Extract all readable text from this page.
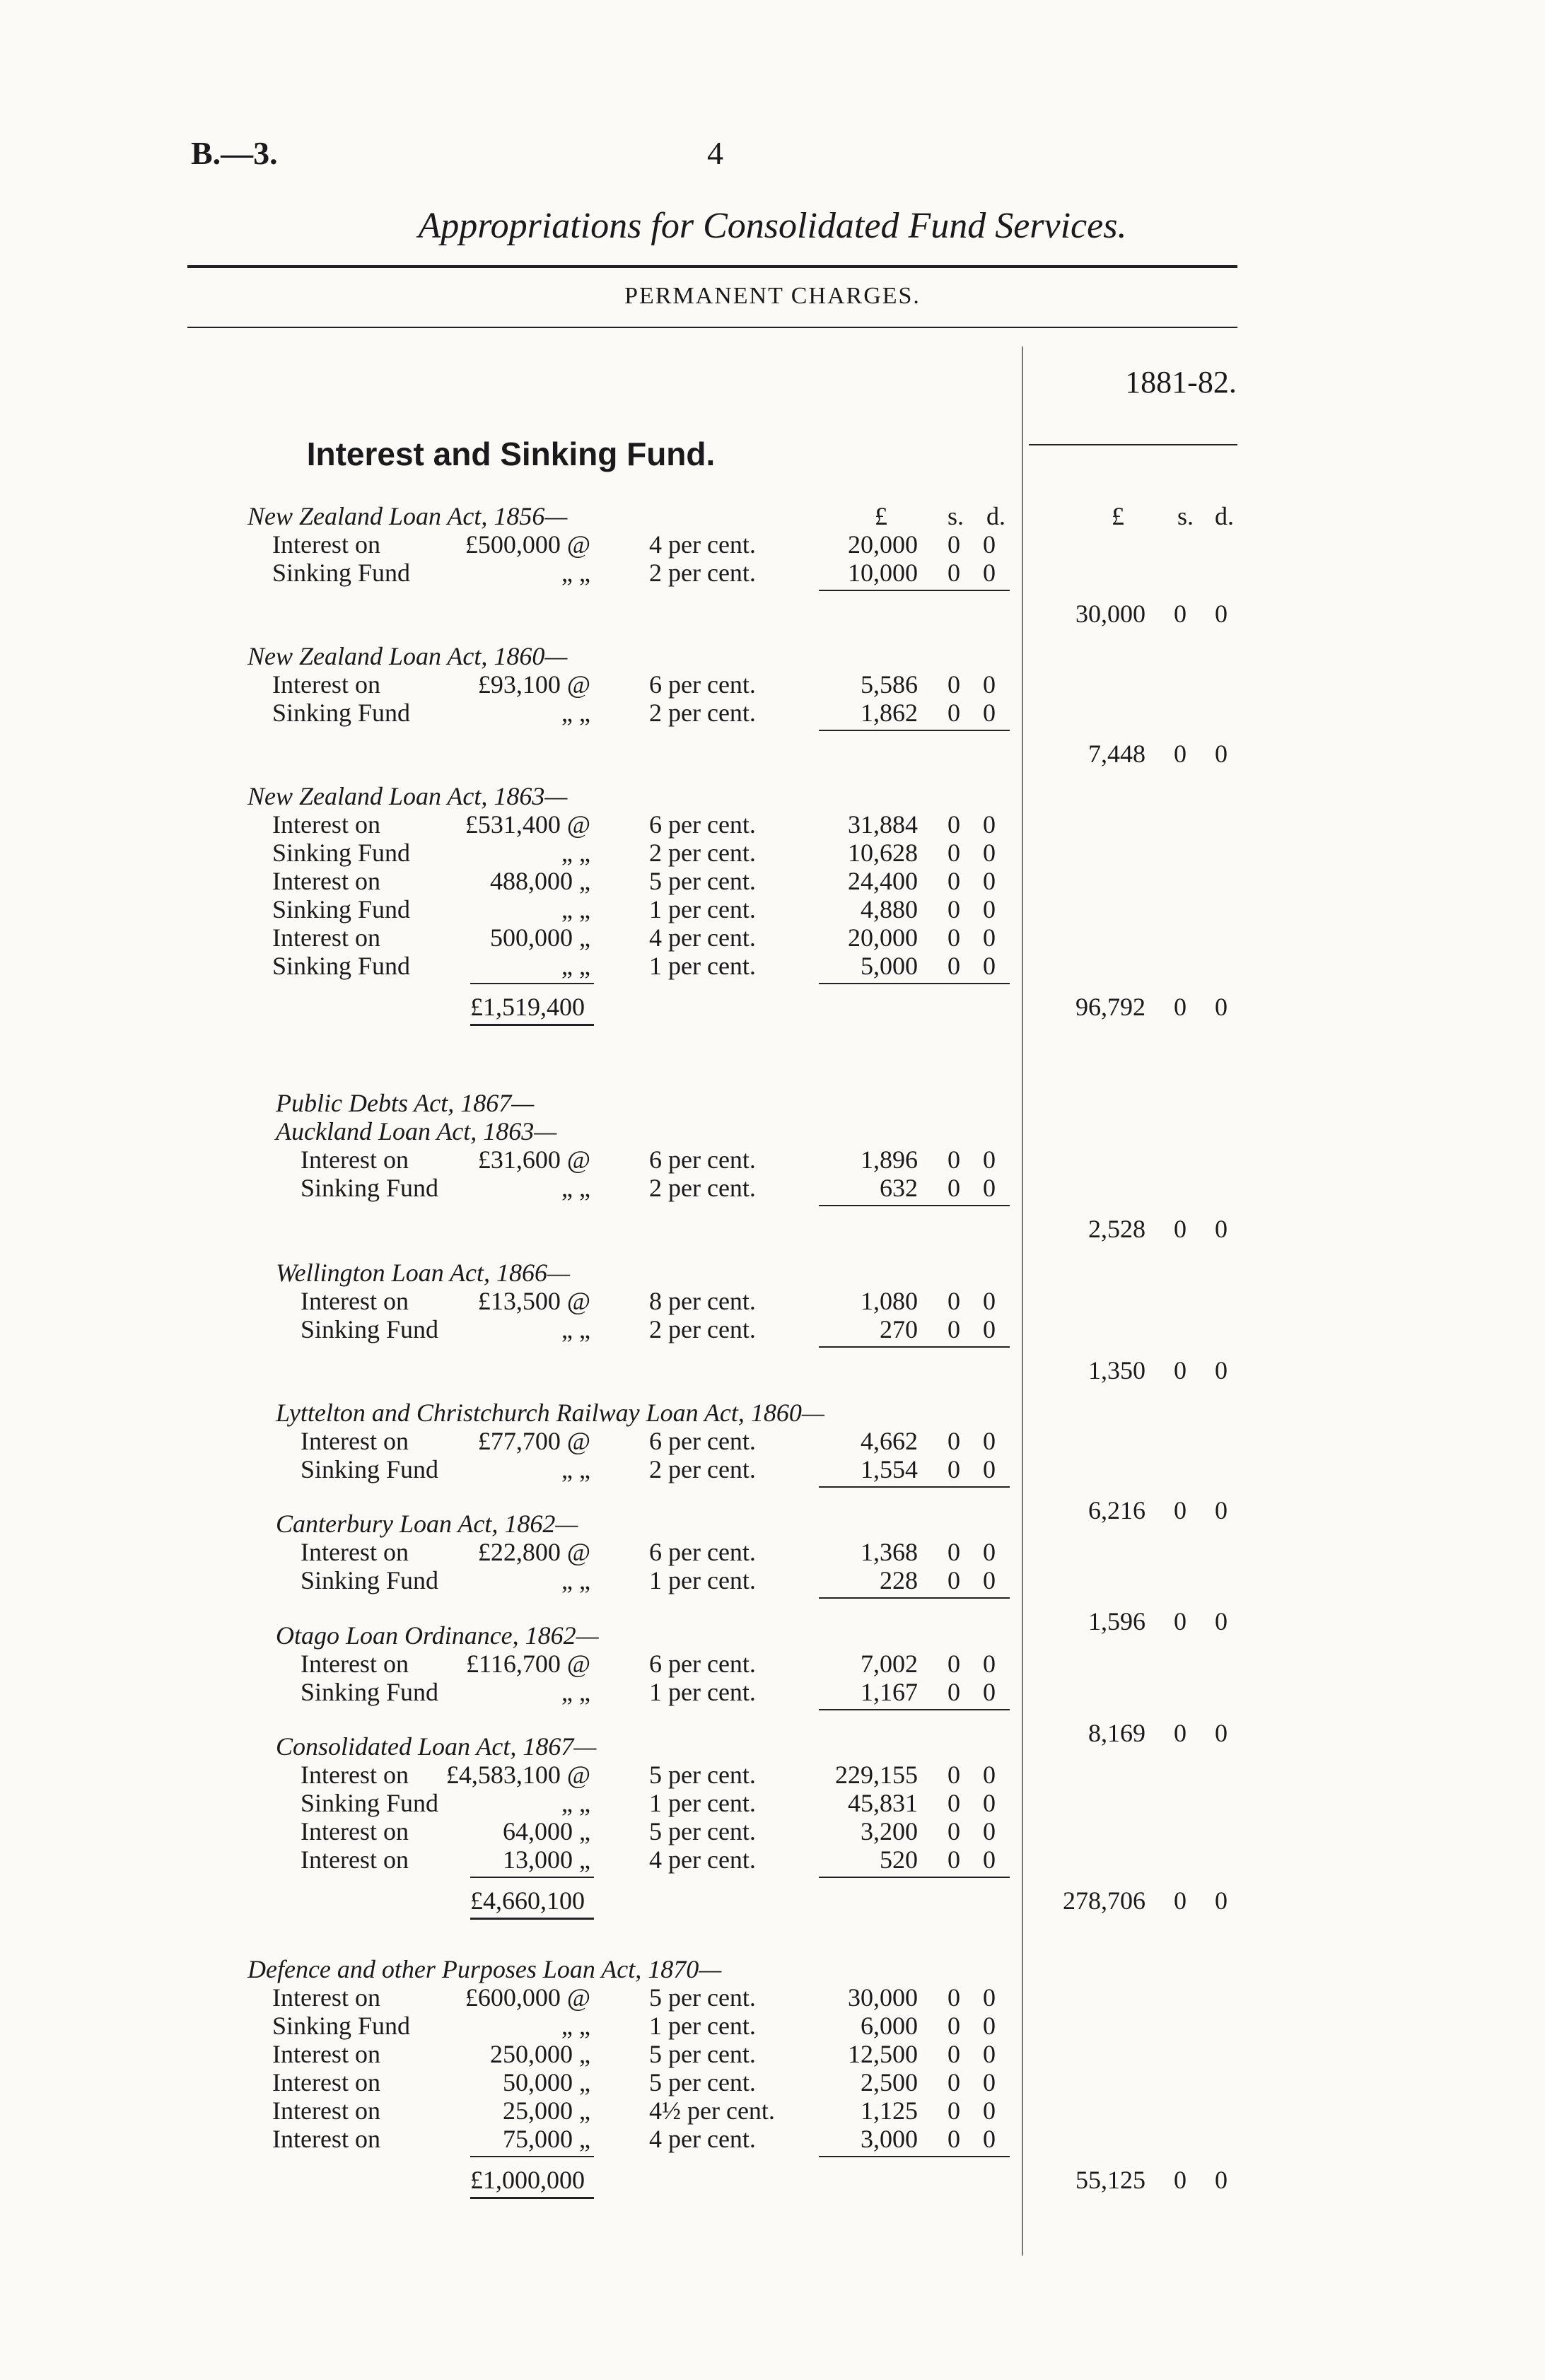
B.—3.	4
Appropriations for Consolidated Fund Services.
PERMANENT CHARGES.
1881-82.
Interest and Sinking Fund.
£ s. d.	£ s. d.
New Zealand Loan Act, 1856—
Interest on	£500,000 @ 4 per cent.	20,000 0 0
Sinking Fund	„ „ 2 per cent.	10,000 0 0
30,000 0 0
New Zealand Loan Act, 1860—
Interest on	£93,100 @ 6 per cent.	5,586 0 0
Sinking Fund	„ „ 2 per cent.	1,862 0 0
7,448 0 0
New Zealand Loan Act, 1863—
Interest on	£531,400 @ 6 per cent.	31,884 0 0
Sinking Fund	„ „ 2 per cent.	10,628 0 0
Interest on	488,000 „ 5 per cent.	24,400 0 0
Sinking Fund	„ „ 1 per cent.	4,880 0 0
Interest on	500,000 „ 4 per cent.	20,000 0 0
Sinking Fund	„ „ 1 per cent.	5,000 0 0
96,792 0 0
£1,519,400
Public Debts Act, 1867—
Auckland Loan Act, 1863—
Interest on	£31,600 @ 6 per cent.	1,896 0 0
Sinking Fund	„ „ 2 per cent.	632 0 0
2,528 0 0
Wellington Loan Act, 1866—
Interest on	£13,500 @ 8 per cent.	1,080 0 0
Sinking Fund	„ „ 2 per cent.	270 0 0
1,350 0 0
Lyttelton and Christchurch Railway Loan Act, 1860—
Interest on	£77,700 @ 6 per cent.	4,662 0 0
Sinking Fund	„ „ 2 per cent.	1,554 0 0
6,216 0 0
Canterbury Loan Act, 1862—
Interest on	£22,800 @ 6 per cent.	1,368 0 0
Sinking Fund	„ „ 1 per cent.	228 0 0
1,596 0 0
Otago Loan Ordinance, 1862—
Interest on	£116,700 @ 6 per cent.	7,002 0 0
Sinking Fund	„ „ 1 per cent.	1,167 0 0
8,169 0 0
Consolidated Loan Act, 1867—
Interest on	£4,583,100 @ 5 per cent.	229,155 0 0
Sinking Fund	„ „ 1 per cent.	45,831 0 0
Interest on	64,000 „ 5 per cent.	3,200 0 0
Interest on	13,000 „ 4 per cent.	520 0 0
278,706 0 0
£4,660,100
Defence and other Purposes Loan Act, 1870—
Interest on	£600,000 @ 5 per cent.	30,000 0 0
Sinking Fund	„ „ 1 per cent.	6,000 0 0
Interest on	250,000 „ 5 per cent.	12,500 0 0
Interest on	50,000 „ 5 per cent.	2,500 0 0
Interest on	25,000 „ 4½ per cent.	1,125 0 0
Interest on	75,000 „ 4 per cent.	3,000 0 0
55,125 0 0
£1,000,000
